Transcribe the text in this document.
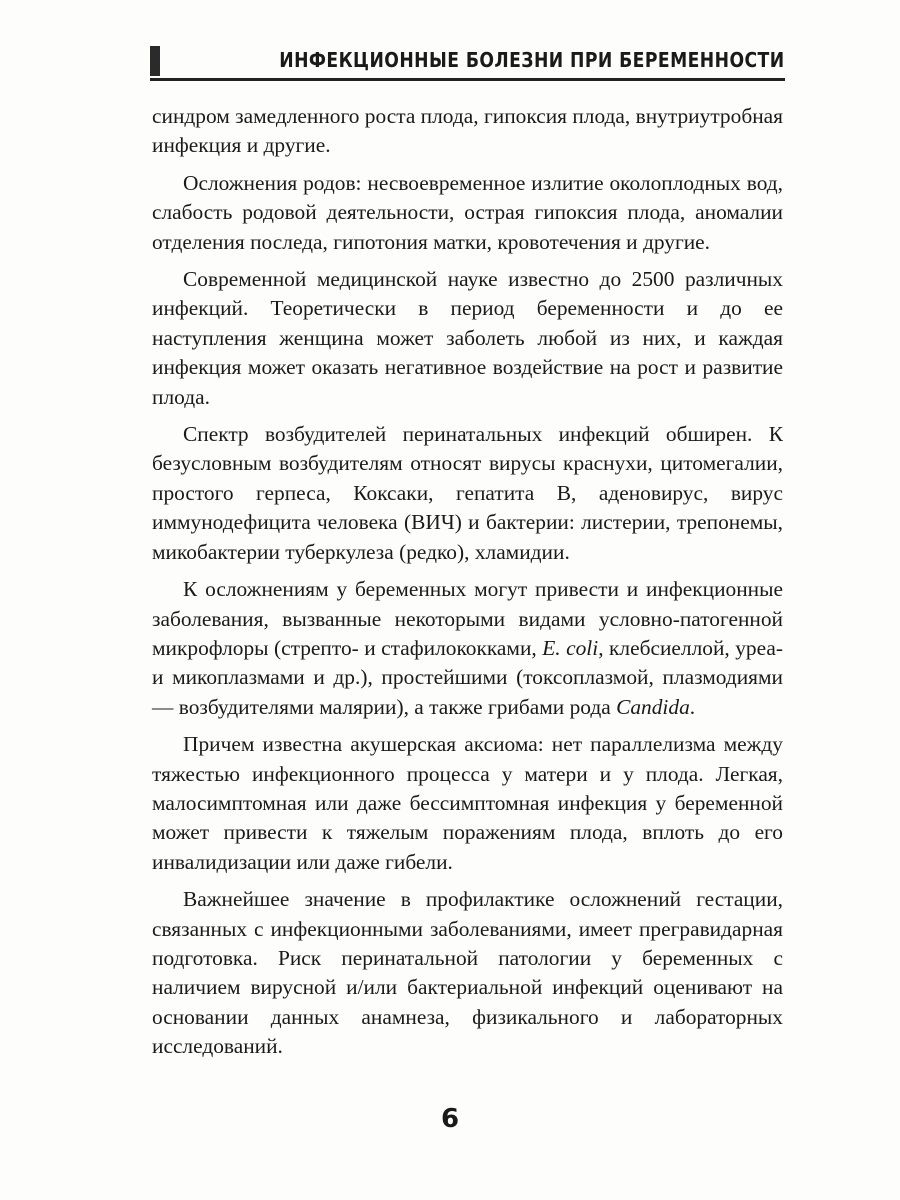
ИНФЕКЦИОННЫЕ БОЛЕЗНИ ПРИ БЕРЕМЕННОСТИ

синдром замедленного роста плода, гипоксия плода, внутриутробная инфекция и другие.

Осложнения родов: несвоевременное излитие околоплодных вод, слабость родовой деятельности, острая гипоксия плода, аномалии отделения последа, гипотония матки, кровотечения и другие.

Современной медицинской науке известно до 2500 различных инфекций. Теоретически в период беременности и до ее наступления женщина может заболеть любой из них, и каждая инфекция может оказать негативное воздействие на рост и развитие плода.

Спектр возбудителей перинатальных инфекций обширен. К безусловным возбудителям относят вирусы краснухи, цитомегалии, простого герпеса, Коксаки, гепатита В, аденовирус, вирус иммунодефицита человека (ВИЧ) и бактерии: листерии, трепонемы, микобактерии туберкулеза (редко), хламидии.

К осложнениям у беременных могут привести и инфекционные заболевания, вызванные некоторыми видами условно-патогенной микрофлоры (стрепто- и стафилококками, E. coli, клебсиеллой, уреа- и микоплазмами и др.), простейшими (токсоплазмой, плазмодиями — возбудителями малярии), а также грибами рода Candida.

Причем известна акушерская аксиома: нет параллелизма между тяжестью инфекционного процесса у матери и у плода. Легкая, малосимптомная или даже бессимптомная инфекция у беременной может привести к тяжелым поражениям плода, вплоть до его инвалидизации или даже гибели.

Важнейшее значение в профилактике осложнений гестации, связанных с инфекционными заболеваниями, имеет прегравидарная подготовка. Риск перинатальной патологии у беременных с наличием вирусной и/или бактериальной инфекций оценивают на основании данных анамнеза, физикального и лабораторных исследований.

6
